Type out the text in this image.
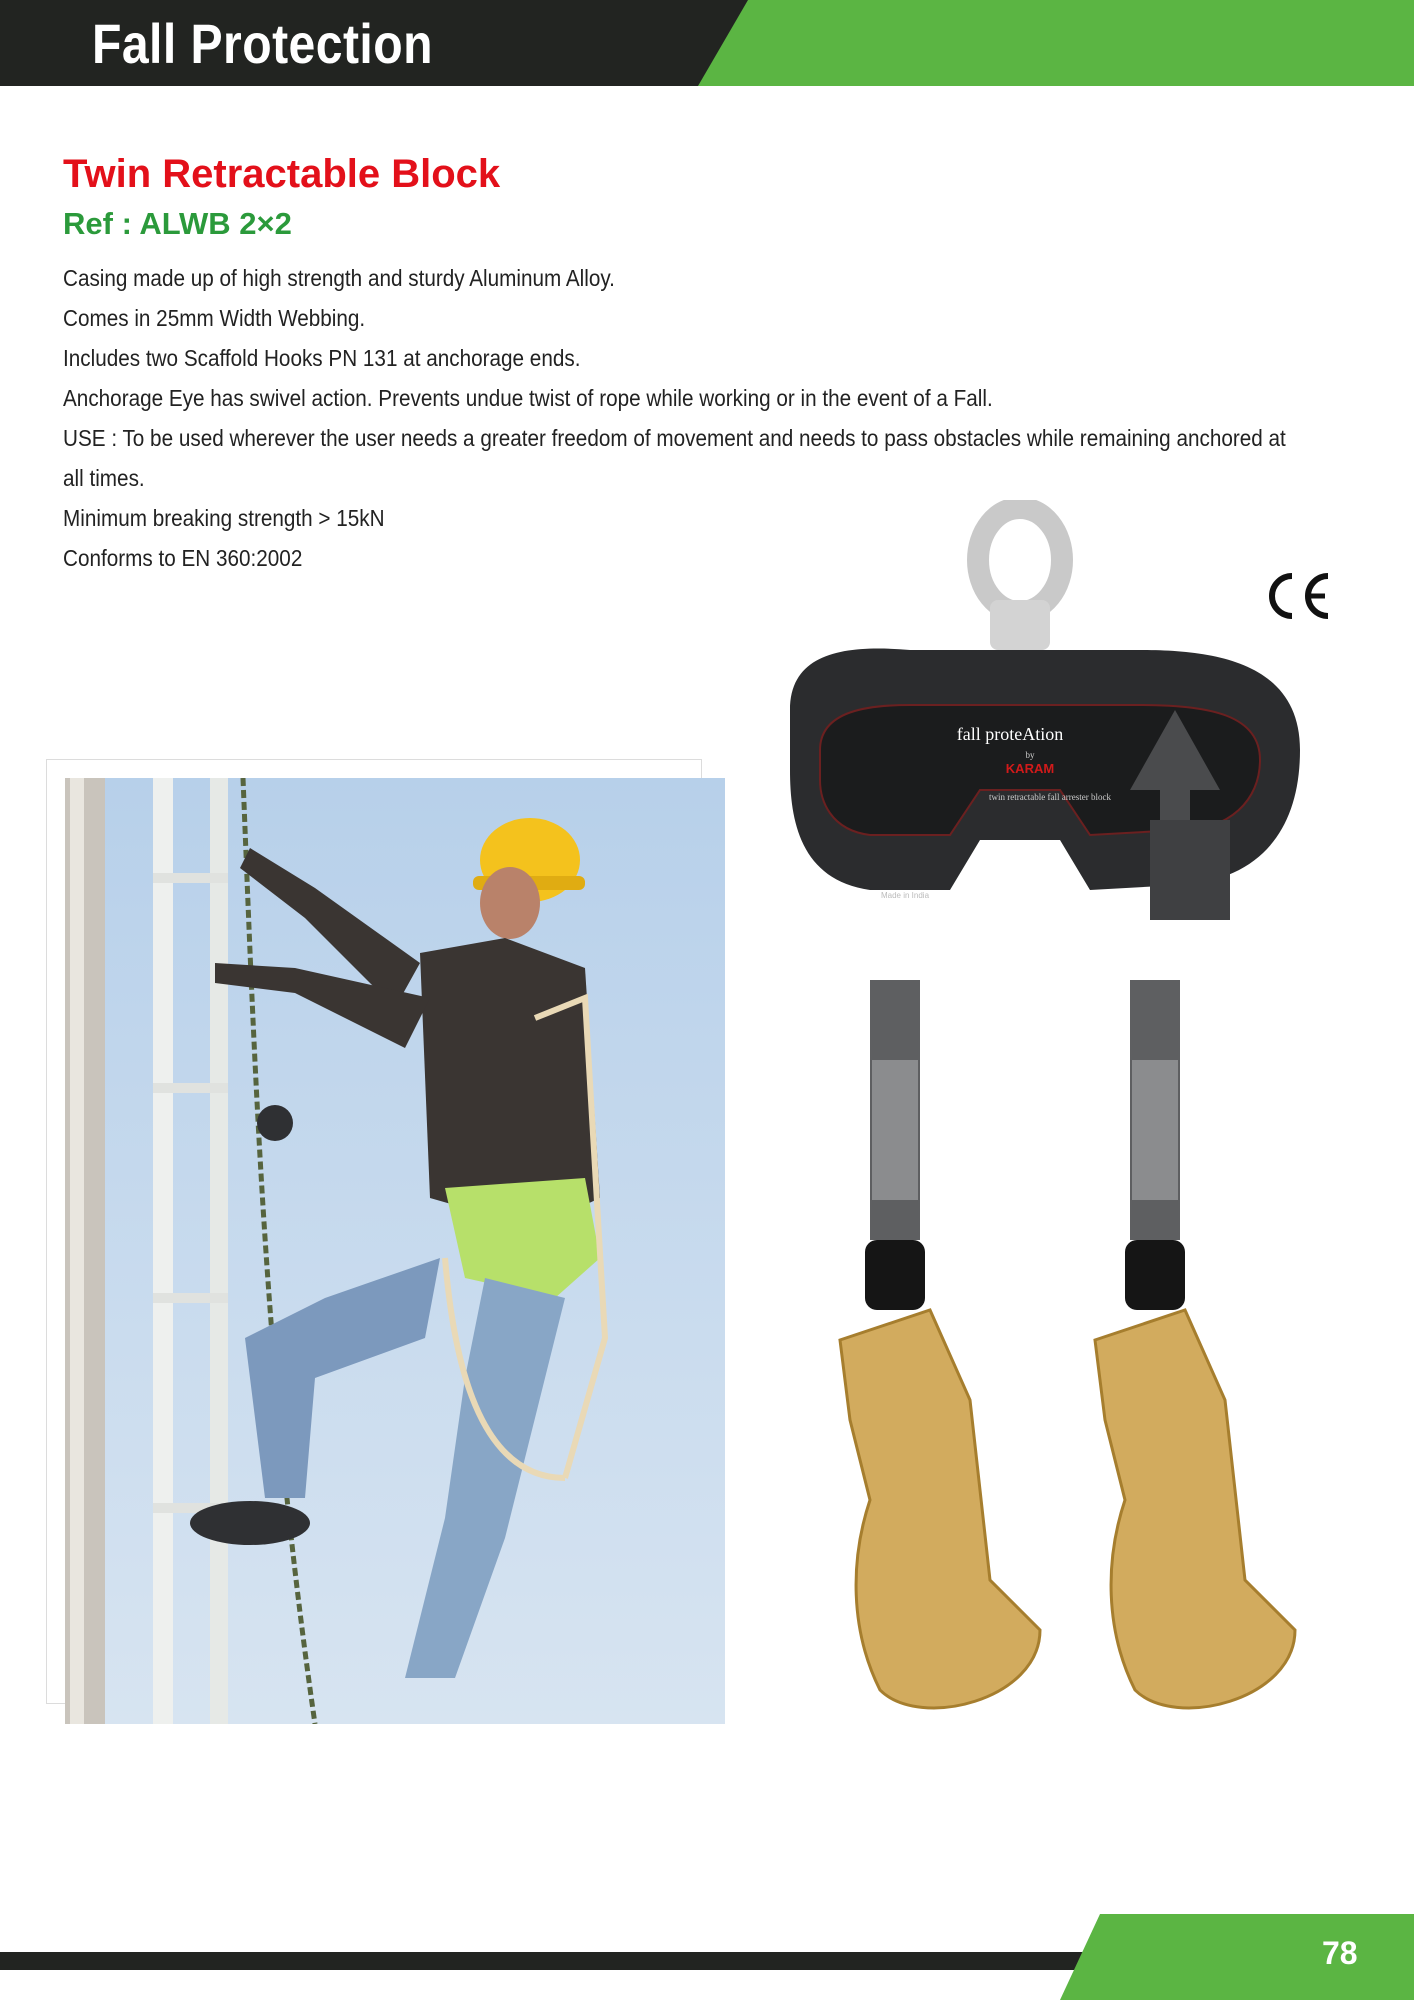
Fall Protection
Twin Retractable Block
Ref : ALWB 2×2

Casing made up of high strength and sturdy Aluminum Alloy.

Comes in 25mm Width Webbing.

Includes two Scaffold Hooks PN 131 at anchorage ends.

Anchorage Eye has swivel action. Prevents undue twist of rope while working or in the event of a Fall.

USE : To be used wherever the user needs a greater freedom of movement and needs to pass obstacles while remaining anchored at

all times.

Minimum breaking strength > 15kN

Conforms to EN 360:2002

fall proteAtion
by
KARAM
twin retractable fall arrester block
Made in India
78
